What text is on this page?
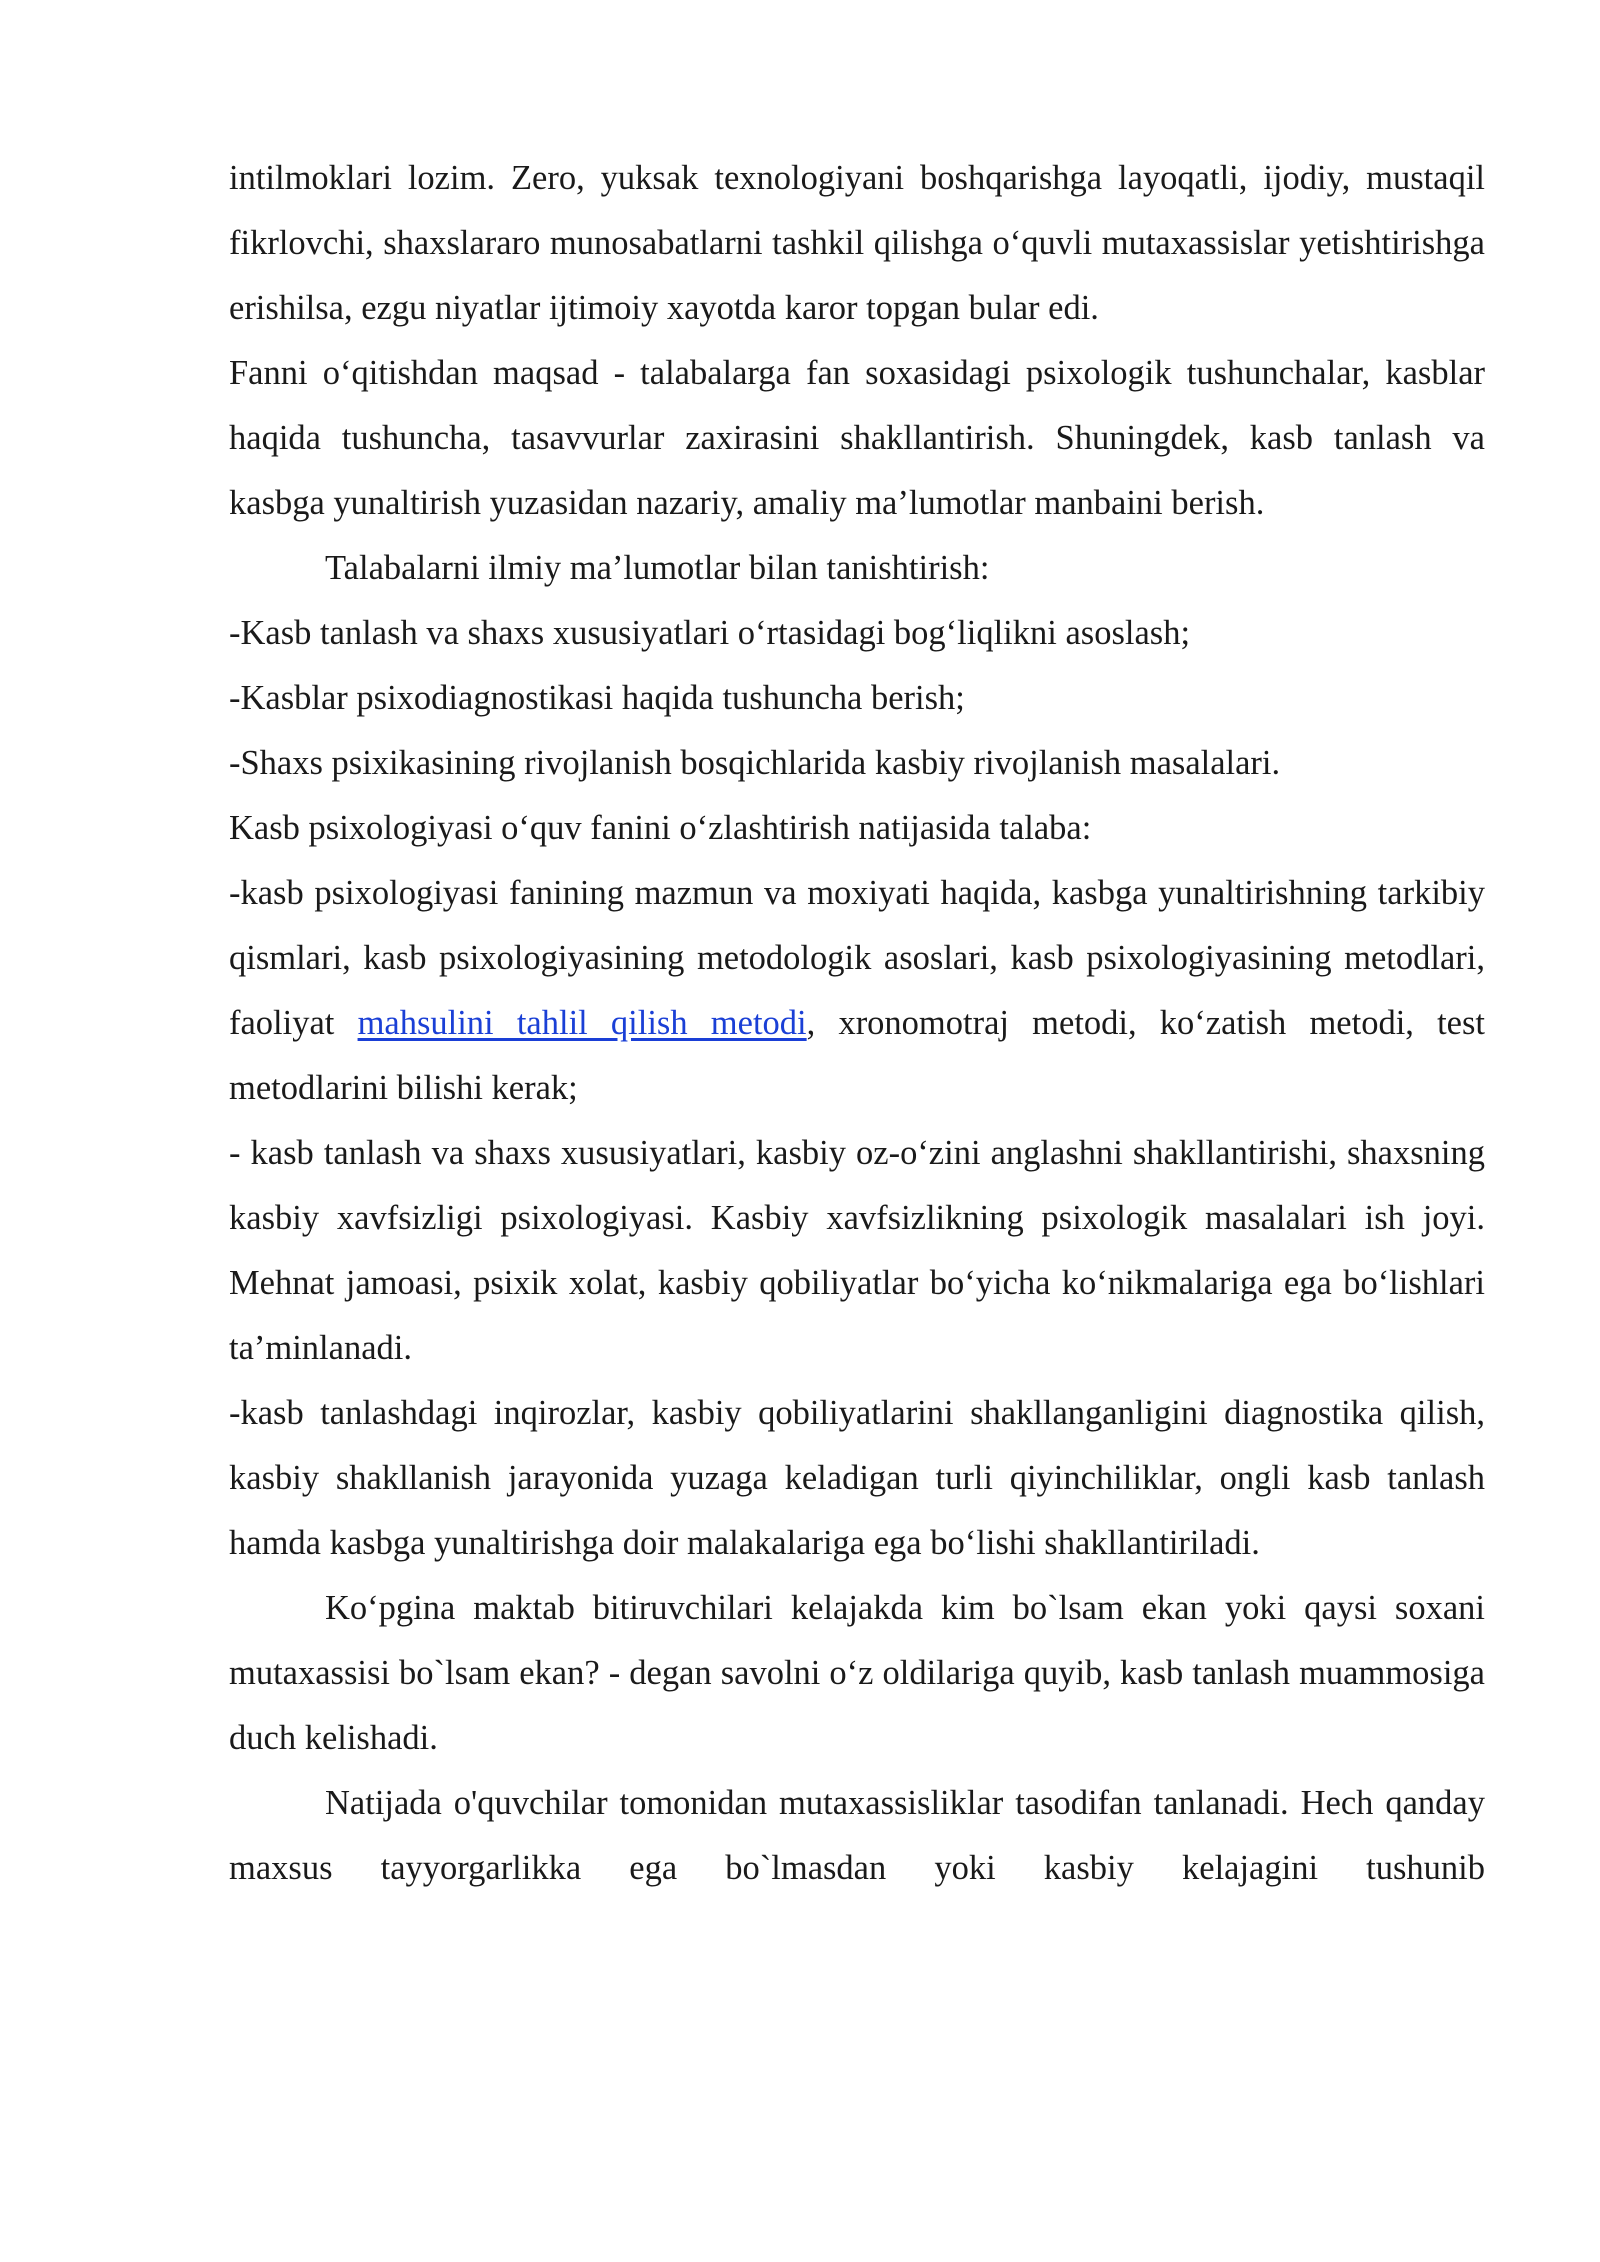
intilmoklari lozim. Zero, yuksak texnologiyani boshqarishga layoqatli, ijodiy, mustaqil fikrlovchi, shaxslararo munosabatlarni tashkil qilishga o‘quvli mutaxassislar yetishtirishga erishilsa, ezgu niyatlar ijtimoiy xayotda karor topgan bular edi.

Fanni o‘qitishdan maqsad - talabalarga fan soxasidagi psixologik tushunchalar, kasblar haqida tushuncha, tasavvurlar zaxirasini shakllantirish. Shuningdek, kasb tanlash va kasbga yunaltirish yuzasidan nazariy, amaliy ma’lumotlar manbaini berish.

Talabalarni ilmiy ma’lumotlar bilan tanishtirish:

-Kasb tanlash va shaxs xususiyatlari o‘rtasidagi bog‘liqlikni asoslash;

-Kasblar psixodiagnostikasi haqida tushuncha berish;

-Shaxs psixikasining rivojlanish bosqichlarida kasbiy rivojlanish masalalari.

Kasb psixologiyasi o‘quv fanini o‘zlashtirish natijasida talaba:

-kasb psixologiyasi fanining mazmun va moxiyati haqida, kasbga yunaltirishning tarkibiy qismlari, kasb psixologiyasining metodologik asoslari, kasb psixologiyasining metodlari, faoliyat mahsulini tahlil qilish metodi, xronomotraj metodi, ko‘zatish metodi, test metodlarini bilishi kerak;

- kasb tanlash va shaxs xususiyatlari, kasbiy oz-o‘zini anglashni shakllantirishi, shaxsning kasbiy xavfsizligi psixologiyasi. Kasbiy xavfsizlikning psixologik masalalari ish joyi. Mehnat jamoasi, psixik xolat, kasbiy qobiliyatlar bo‘yicha ko‘nikmalariga ega bo‘lishlari ta’minlanadi.

-kasb tanlashdagi inqirozlar, kasbiy qobiliyatlarini shakllanganligini diagnostika qilish, kasbiy shakllanish jarayonida yuzaga keladigan turli qiyinchiliklar, ongli kasb tanlash hamda kasbga yunaltirishga doir malakalariga ega bo‘lishi shakllantiriladi.

Ko‘pgina maktab bitiruvchilari kelajakda kim bo`lsam ekan yoki qaysi soxani mutaxassisi bo`lsam ekan? - degan savolni o‘z oldilariga quyib, kasb tanlash muammosiga duch kelishadi.

Natijada o'quvchilar tomonidan mutaxassisliklar tasodifan tanlanadi. Hech qanday maxsus tayyorgarlikka ega bo`lmasdan yoki kasbiy kelajagini tushunib
